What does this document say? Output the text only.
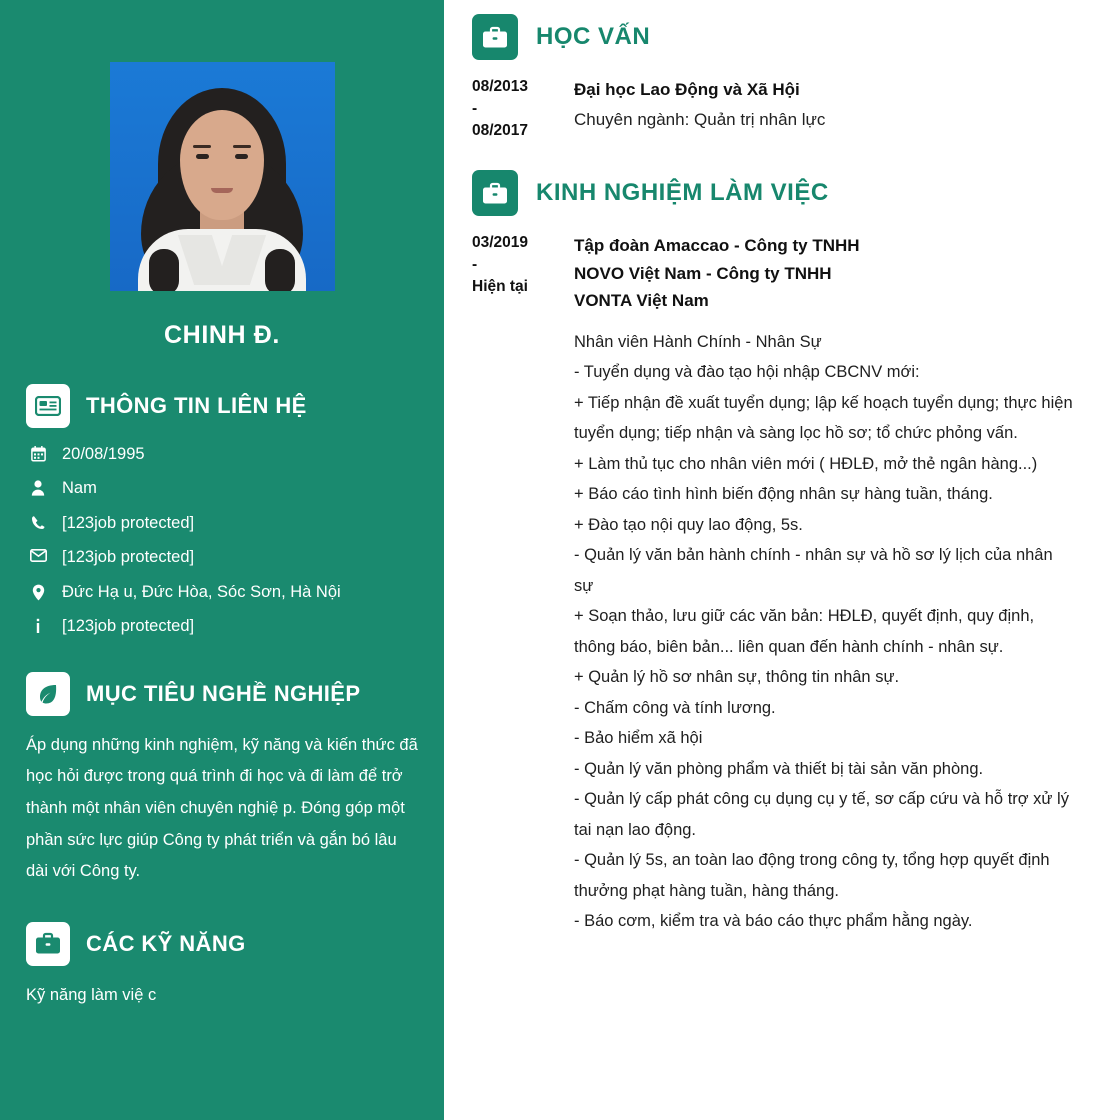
CHINH Đ.
THÔNG TIN LIÊN HỆ
20/08/1995
Nam
[123job protected]
[123job protected]
Đức Hạ u, Đức Hòa, Sóc Sơn, Hà Nội
[123job protected]
MỤC TIÊU NGHỀ NGHIỆP
Áp dụng những kinh nghiệm, kỹ năng và kiến thức đã học hỏi được trong quá trình đi học và đi làm để trở thành một nhân viên chuyên nghiệ p. Đóng góp một phần sức lực giúp Công ty phát triển và gắn bó lâu dài với Công ty.
CÁC KỸ NĂNG
Kỹ năng làm việ c
HỌC VẤN
08/2013
-
08/2017
Đại học Lao Động và Xã Hội
Chuyên ngành: Quản trị nhân lực
KINH NGHIỆM LÀM VIỆC
03/2019
-
Hiện tại
Tập đoàn Amaccao - Công ty TNHH
NOVO Việt Nam - Công ty TNHH
VONTA Việt Nam

Nhân viên Hành Chính - Nhân Sự

- Tuyển dụng và đào tạo hội nhập CBCNV mới:

+ Tiếp nhận đề xuất tuyển dụng; lập kế hoạch tuyển dụng; thực hiện tuyển dụng; tiếp nhận và sàng lọc hồ sơ; tổ chức phỏng vấn.

+ Làm thủ tục cho nhân viên mới ( HĐLĐ, mở thẻ ngân hàng...)

+ Báo cáo tình hình biến động nhân sự hàng tuần, tháng.

+ Đào tạo nội quy lao động, 5s.

- Quản lý văn bản hành chính - nhân sự và hồ sơ lý lịch của nhân sự

+ Soạn thảo, lưu giữ các văn bản: HĐLĐ, quyết định, quy định, thông báo, biên bản... liên quan đến hành chính - nhân sự.

+ Quản lý hồ sơ nhân sự, thông tin nhân sự.

- Chấm công và tính lương.

- Bảo hiểm xã hội

- Quản lý văn phòng phẩm và thiết bị tài sản văn phòng.

- Quản lý cấp phát công cụ dụng cụ y tế, sơ cấp cứu và hỗ trợ xử lý tai nạn lao động.

- Quản lý 5s, an toàn lao động trong công ty, tổng hợp quyết định thưởng phạt hàng tuần, hàng tháng.

- Báo cơm, kiểm tra và báo cáo thực phẩm hằng ngày.
